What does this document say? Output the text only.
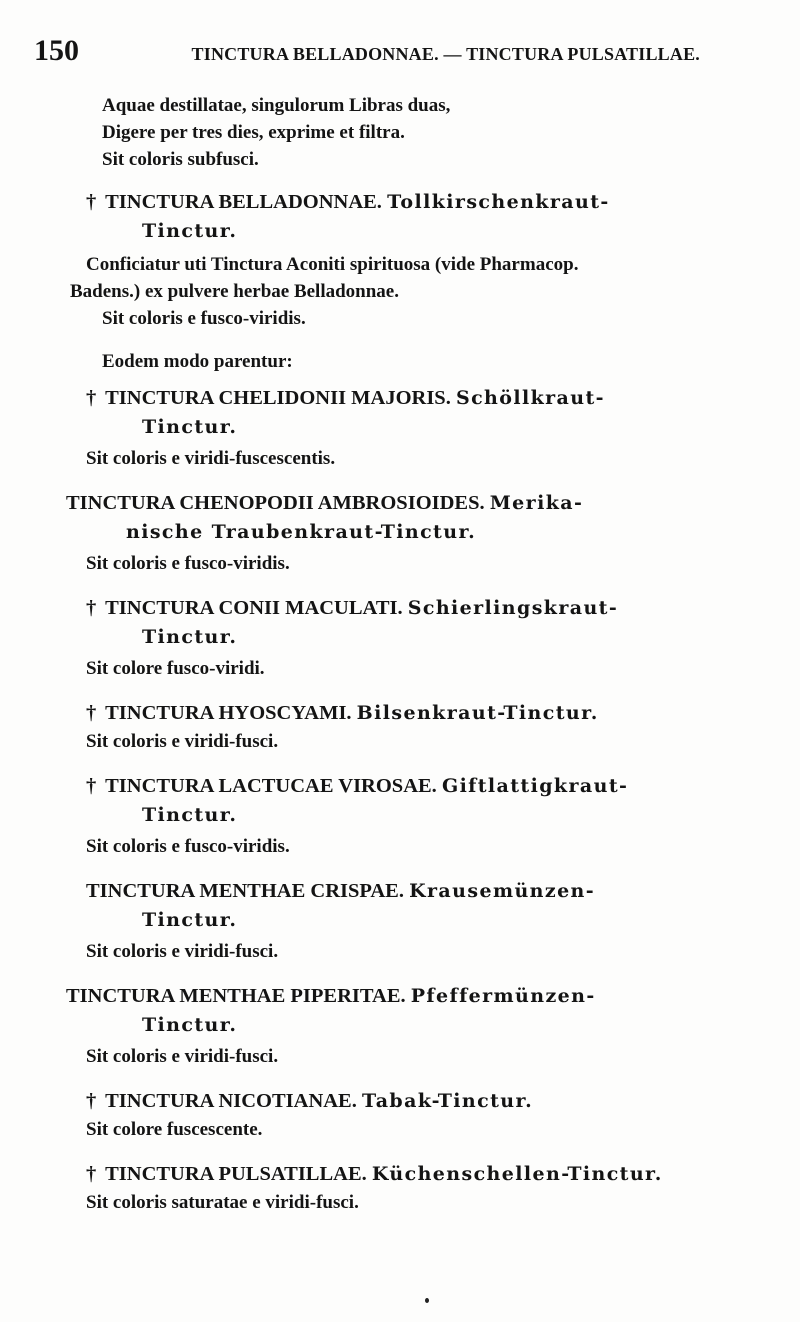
150	TINCTURA BELLADONNAE. — TINCTURA PULSATILLAE.
Aquae destillatae, singulorum Libras duas,
Digere per tres dies, exprime et filtra.
Sit coloris subfusci.
† TINCTURA BELLADONNAE. Tollkirschenkraut-
Tinctur.
Conficiatur uti Tinctura Aconiti spirituosa (vide Pharmacop.
Badens.) ex pulvere herbae Belladonnae.
Sit coloris e fusco-viridis.
Eodem modo parentur:
† TINCTURA CHELIDONII MAJORIS. Schöllkraut-
Tinctur.
Sit coloris e viridi-fuscescentis.
TINCTURA CHENOPODII AMBROSIOIDES. Merika-
nische Traubenkraut-Tinctur.
Sit coloris e fusco-viridis.
† TINCTURA CONII MACULATI. Schierlingskraut-
Tinctur.
Sit colore fusco-viridi.
† TINCTURA HYOSCYAMI. Bilsenkraut-Tinctur.
Sit coloris e viridi-fusci.
† TINCTURA LACTUCAE VIROSAE. Giftlattigkraut-
Tinctur.
Sit coloris e fusco-viridis.
TINCTURA MENTHAE CRISPAE. Krausemünzen-
Tinctur.
Sit coloris e viridi-fusci.
TINCTURA MENTHAE PIPERITAE. Pfeffermünzen-
Tinctur.
Sit coloris e viridi-fusci.
† TINCTURA NICOTIANAE. Tabak-Tinctur.
Sit colore fuscescente.
† TINCTURA PULSATILLAE. Küchenschellen-Tinctur.
Sit coloris saturatae e viridi-fusci.
